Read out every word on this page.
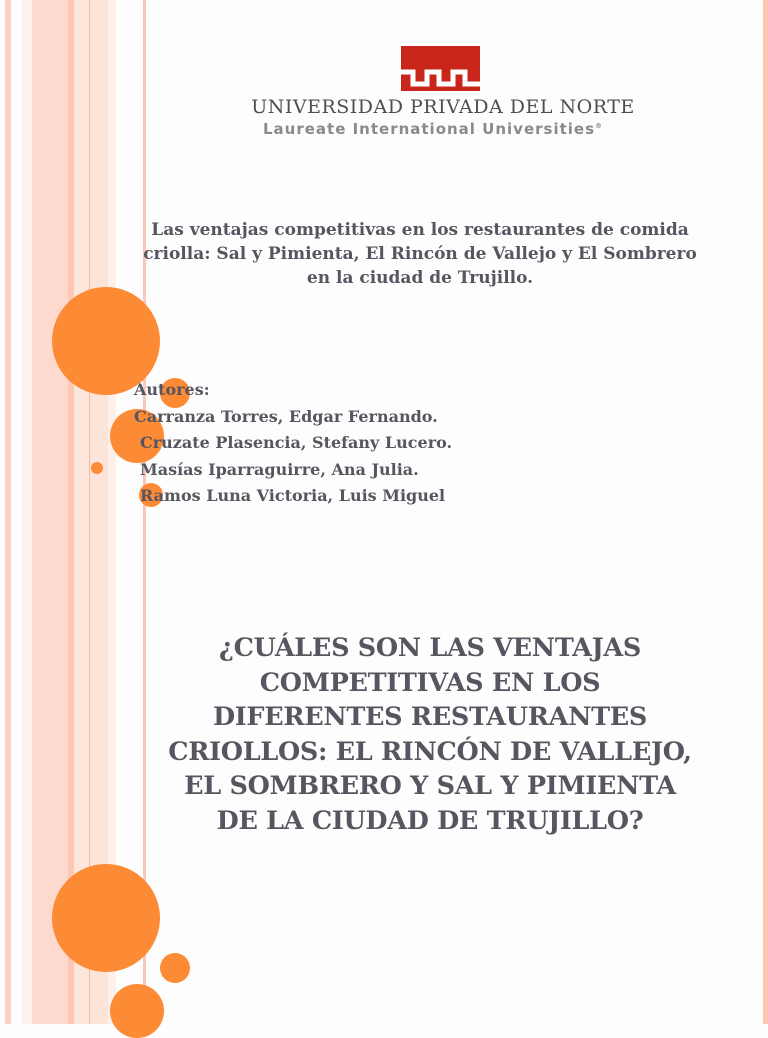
UNIVERSIDAD PRIVADA DEL NORTE
Laureate International Universities®
Las ventajas competitivas en los restaurantes de comida criolla: Sal y Pimienta, El Rincón de Vallejo y El Sombrero en la ciudad de Trujillo.
Autores:
Carranza Torres, Edgar Fernando.
Cruzate Plasencia, Stefany Lucero.
Masías Iparraguirre, Ana Julia.
Ramos Luna Victoria, Luis Miguel
¿CUÁLES SON LAS VENTAJAS COMPETITIVAS EN LOS DIFERENTES RESTAURANTES CRIOLLOS: EL RINCÓN DE VALLEJO, EL SOMBRERO Y SAL Y PIMIENTA DE LA CIUDAD DE TRUJILLO?
